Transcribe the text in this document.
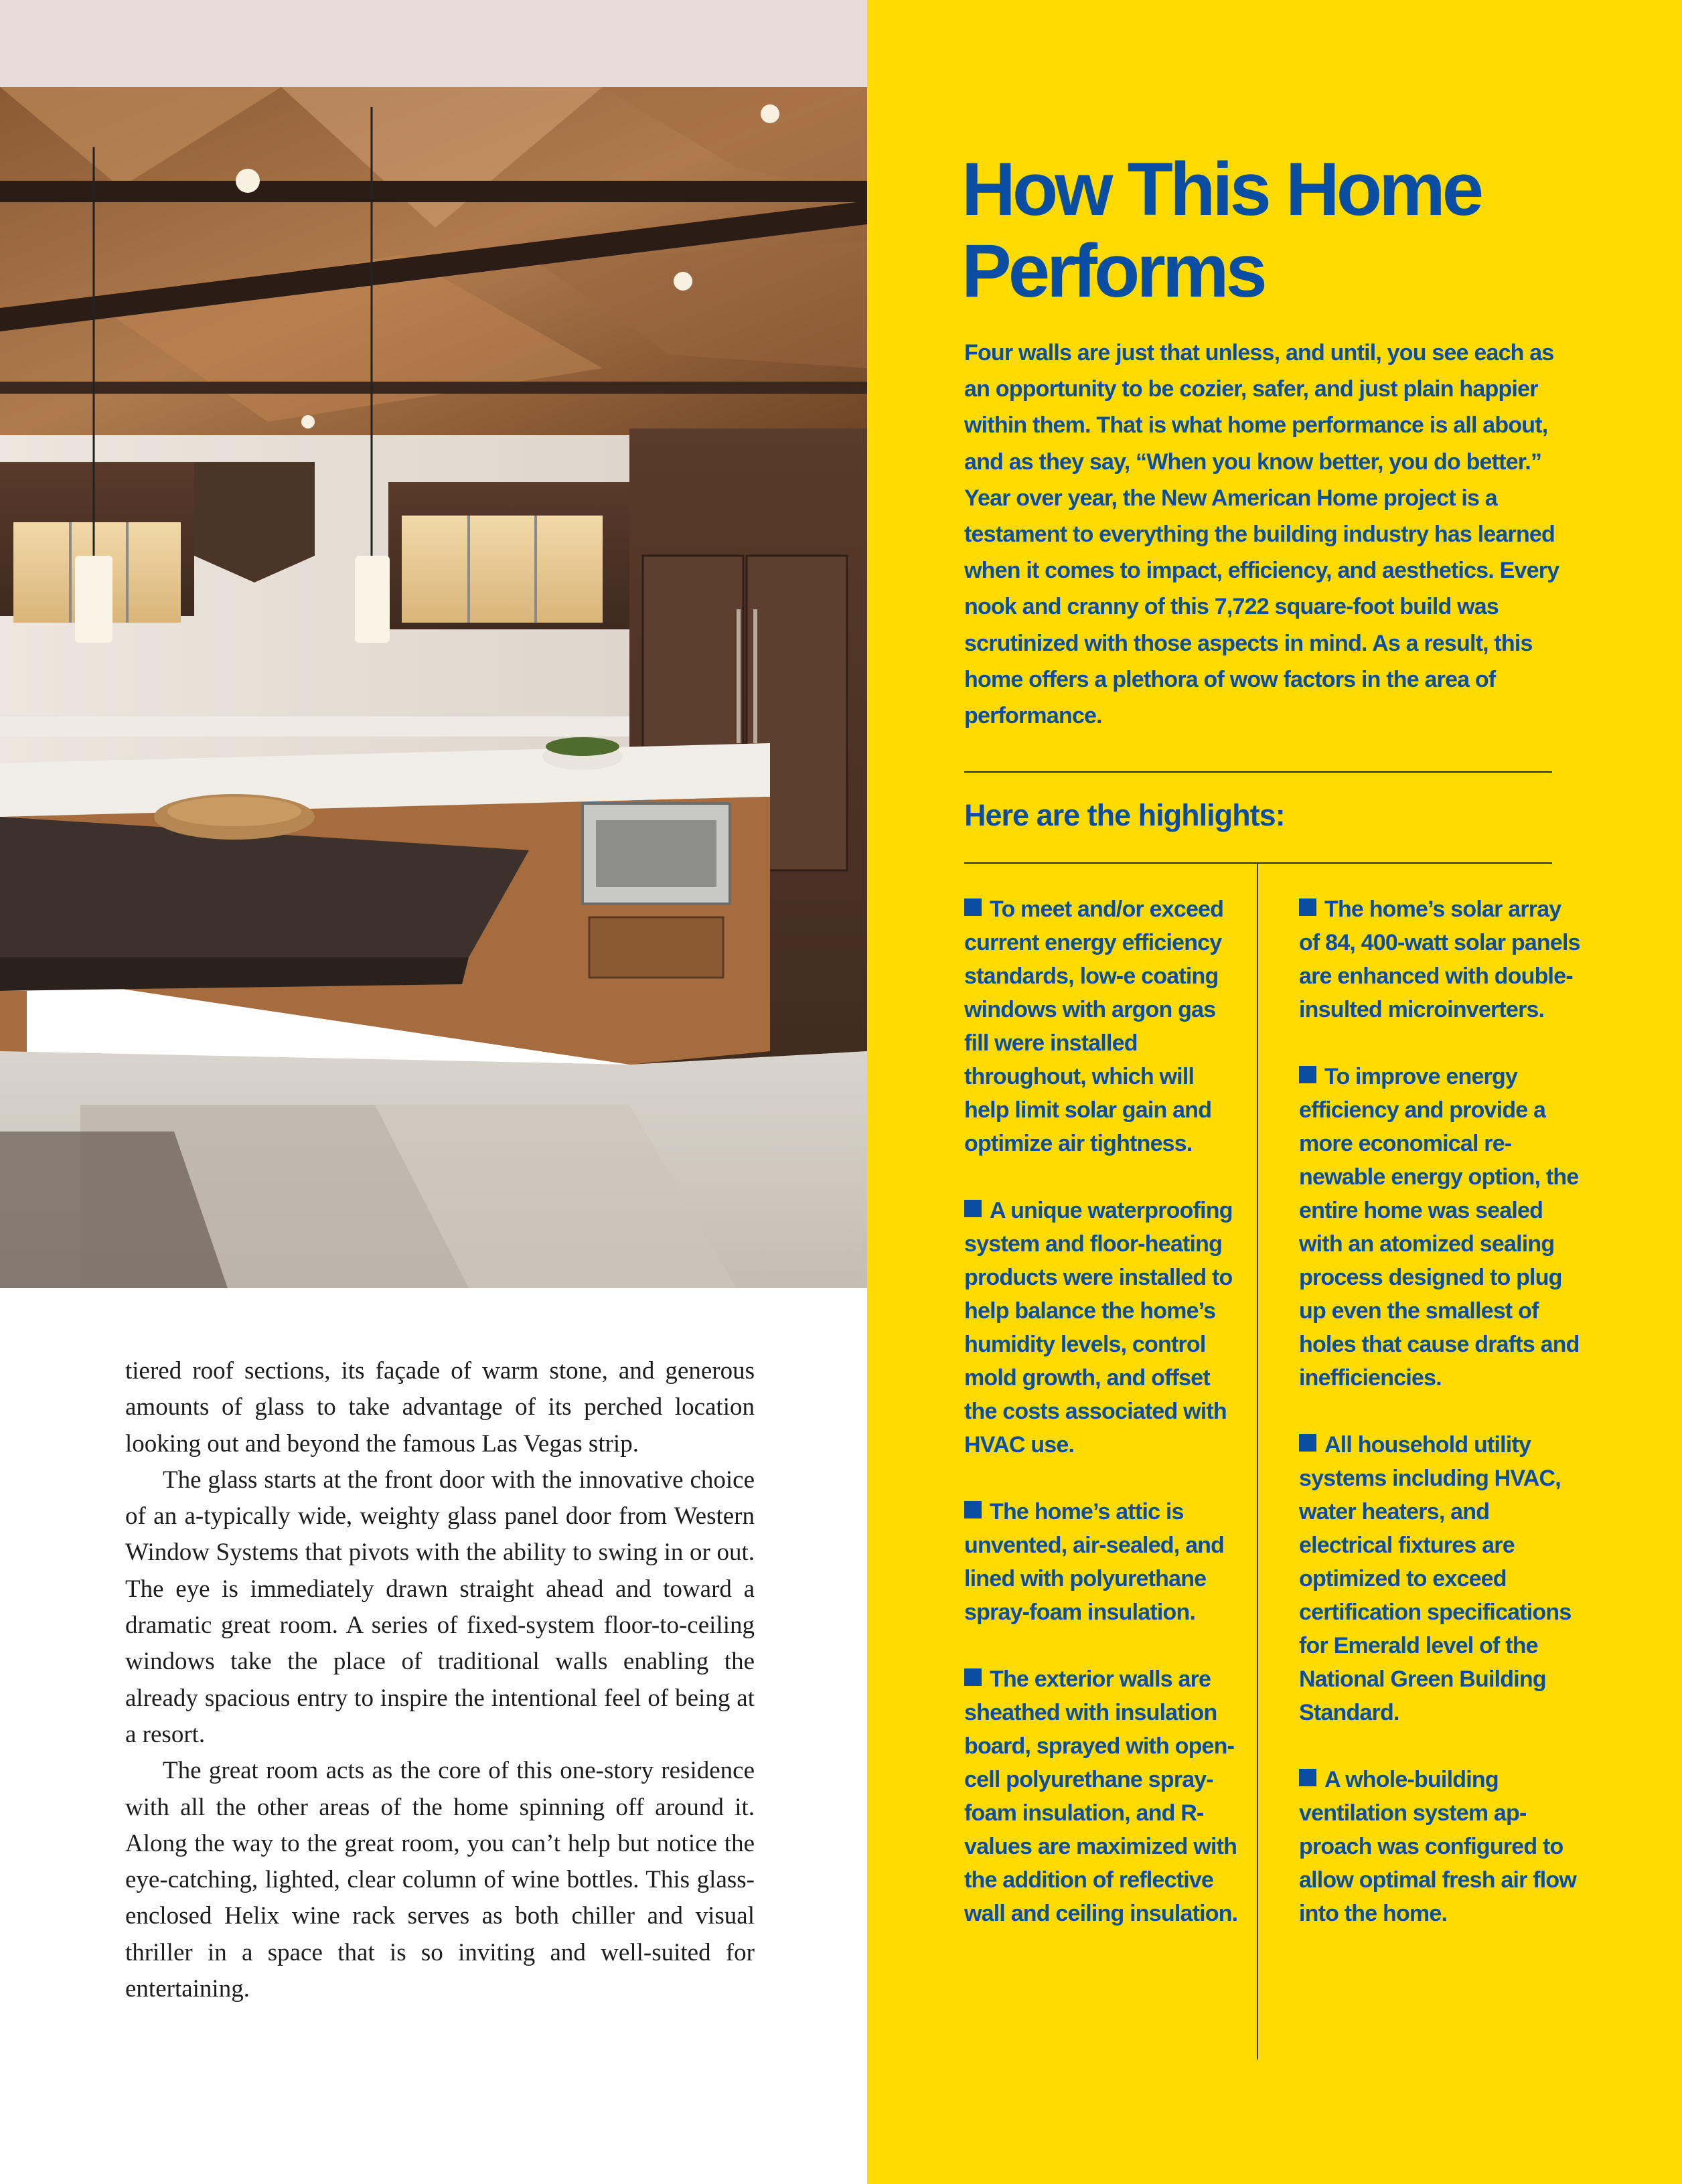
tiered roof sections, its façade of warm stone, and generous amounts of glass to take advantage of its perched location looking out and beyond the famous Las Vegas strip.

The glass starts at the front door with the innovative choice of an a-typically wide, weighty glass panel door from Western Window Systems that pivots with the ability to swing in or out. The eye is immediately drawn straight ahead and toward a dramatic great room. A series of fixed-system floor-to-ceiling windows take the place of traditional walls enabling the already spacious entry to inspire the intentional feel of being at a resort.

The great room acts as the core of this one-story residence with all the other areas of the home spinning off around it. Along the way to the great room, you can’t help but notice the eye-catching, lighted, clear column of wine bottles. This glass-enclosed Helix wine rack serves as both chiller and visual thriller in a space that is so inviting and well-suited for entertaining.

How This Home Performs

Four walls are just that unless, and until, you see each as an opportunity to be cozier, safer, and just plain happier within them. That is what home performance is all about, and as they say, “When you know better, you do better.” Year over year, the New American Home project is a testament to everything the building industry has learned when it comes to impact, efficiency, and aesthetics. Every nook and cranny of this 7,722 square-foot build was scrutinized with those aspects in mind. As a result, this home offers a plethora of wow factors in the area of performance.

Here are the highlights:

To meet and/or exceed current energy efficiency standards, low-e coating windows with argon gas fill were installed throughout, which will help limit solar gain and optimize air tightness.

A unique waterproofing system and floor-heating products were installed to help balance the home’s humidity levels, control mold growth, and offset the costs associated with HVAC use.

The home’s attic is unvented, air-sealed, and lined with polyurethane spray-foam insulation.

The exterior walls are sheathed with insulation board, sprayed with open-cell polyurethane spray-foam insulation, and R-values are maximized with the addition of reflective wall and ceiling insulation.

The home’s solar array of 84, 400-watt solar panels are enhanced with double-insulted microinverters.

To improve energy efficiency and provide a more economical renewable energy option, the entire home was sealed with an atomized sealing process designed to plug up even the smallest of holes that cause drafts and inefficiencies.

All household utility systems including HVAC, water heaters, and electrical fixtures are optimized to exceed certification specifications for Emerald level of the National Green Building Standard.

A whole-building ventilation system approach was configured to allow optimal fresh air flow into the home.
